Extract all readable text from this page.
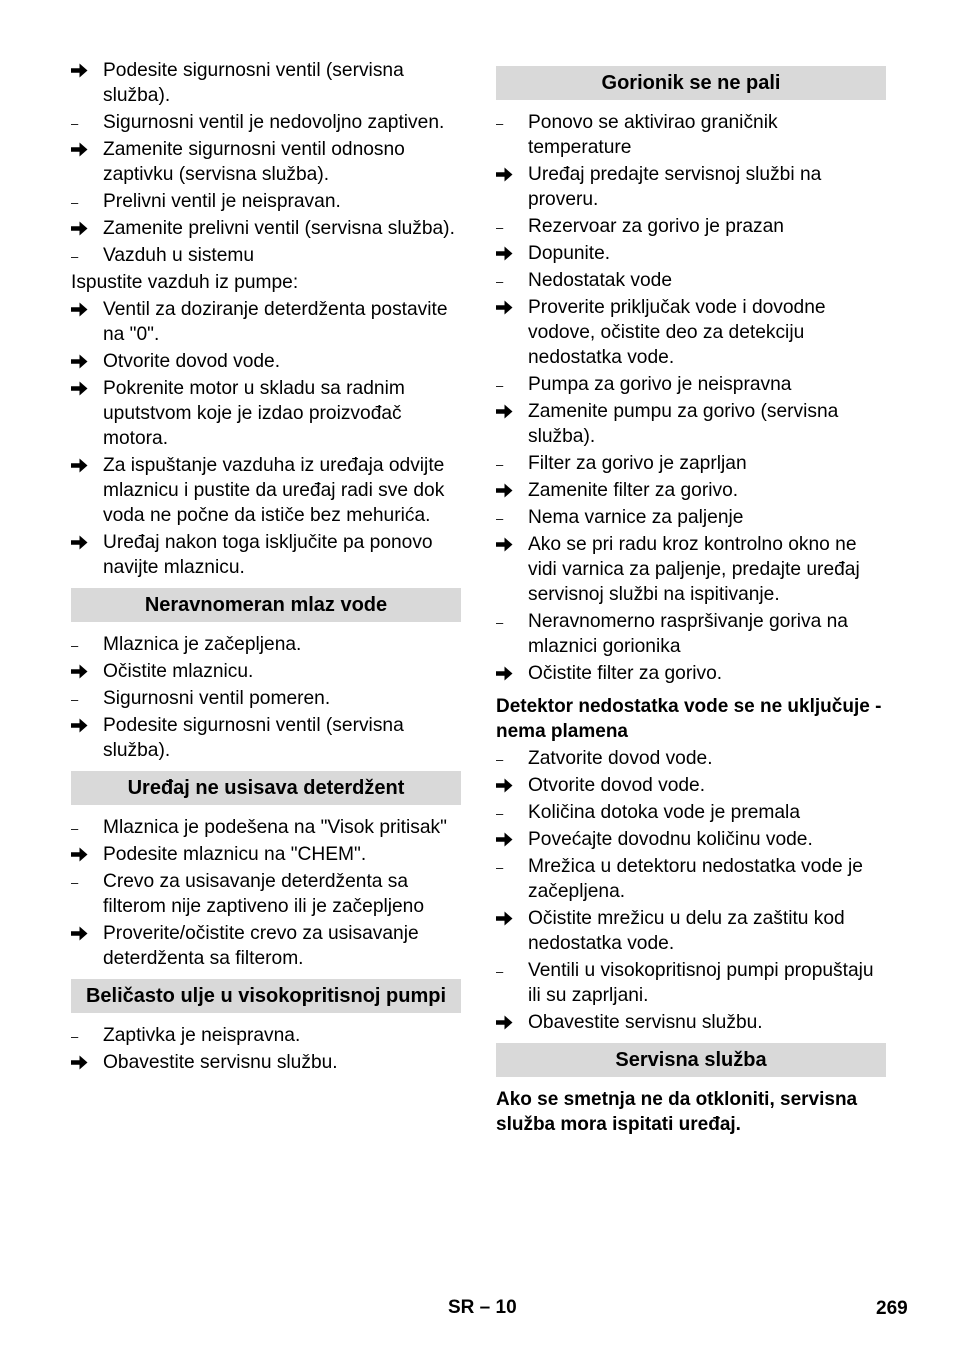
Podesite sigurnosni ventil (servisna služba).
–	Sigurnosni ventil je nedovoljno zaptiven.
Zamenite sigurnosni ventil odnosno zaptivku (servisna služba).
–	Prelivni ventil je neispravan.
Zamenite prelivni ventil (servisna služba).
–	Vazduh u sistemu
Ispustite vazduh iz pumpe:
Ventil za doziranje deterdženta postavite na "0".
Otvorite dovod vode.
Pokrenite motor u skladu sa radnim uputstvom koje je izdao proizvođač motora.
Za ispuštanje vazduha iz uređaja odvijte mlaznicu i pustite da uređaj radi sve dok voda ne počne da ističe bez mehurića.
Uređaj nakon toga isključite pa ponovo navijte mlaznicu.
Neravnomeran mlaz vode
–	Mlaznica je začepljena.
Očistite mlaznicu.
–	Sigurnosni ventil pomeren.
Podesite sigurnosni ventil (servisna služba).
Uređaj ne usisava deterdžent
–	Mlaznica je podešena na "Visok pritisak"
Podesite mlaznicu na "CHEM".
–	Crevo za usisavanje deterdženta sa filterom nije zaptiveno ili je začepljeno
Proverite/očistite crevo za usisavanje deterdženta sa filterom.
Beličasto ulje u visokopritisnoj pumpi
–	Zaptivka je neispravna.
Obavestite servisnu službu.
Gorionik se ne pali
–	Ponovo se aktivirao graničnik temperature
Uređaj predajte servisnoj službi na proveru.
–	Rezervoar za gorivo je prazan
Dopunite.
–	Nedostatak vode
Proverite priključak vode i dovodne vodove, očistite deo za detekciju nedostatka vode.
–	Pumpa za gorivo je neispravna
Zamenite pumpu za gorivo (servisna služba).
–	Filter za gorivo je zaprljan
Zamenite filter za gorivo.
–	Nema varnice za paljenje
Ako se pri radu kroz kontrolno okno ne vidi varnica za paljenje, predajte uređaj servisnoj službi na ispitivanje.
–	Neravnomerno raspršivanje goriva na mlaznici gorionika
Očistite filter za gorivo.
Detektor nedostatka vode se ne uključuje - nema plamena
–	Zatvorite dovod vode.
Otvorite dovod vode.
–	Količina dotoka vode je premala
Povećajte dovodnu količinu vode.
–	Mrežica u detektoru nedostatka vode je začepljena.
Očistite mrežicu u delu za zaštitu kod nedostatka vode.
–	Ventili u visokopritisnoj pumpi propuštaju ili su zaprljani.
Obavestite servisnu službu.
Servisna služba
Ako se smetnja ne da otkloniti, servisna služba mora ispitati uređaj.
SR – 10	269
